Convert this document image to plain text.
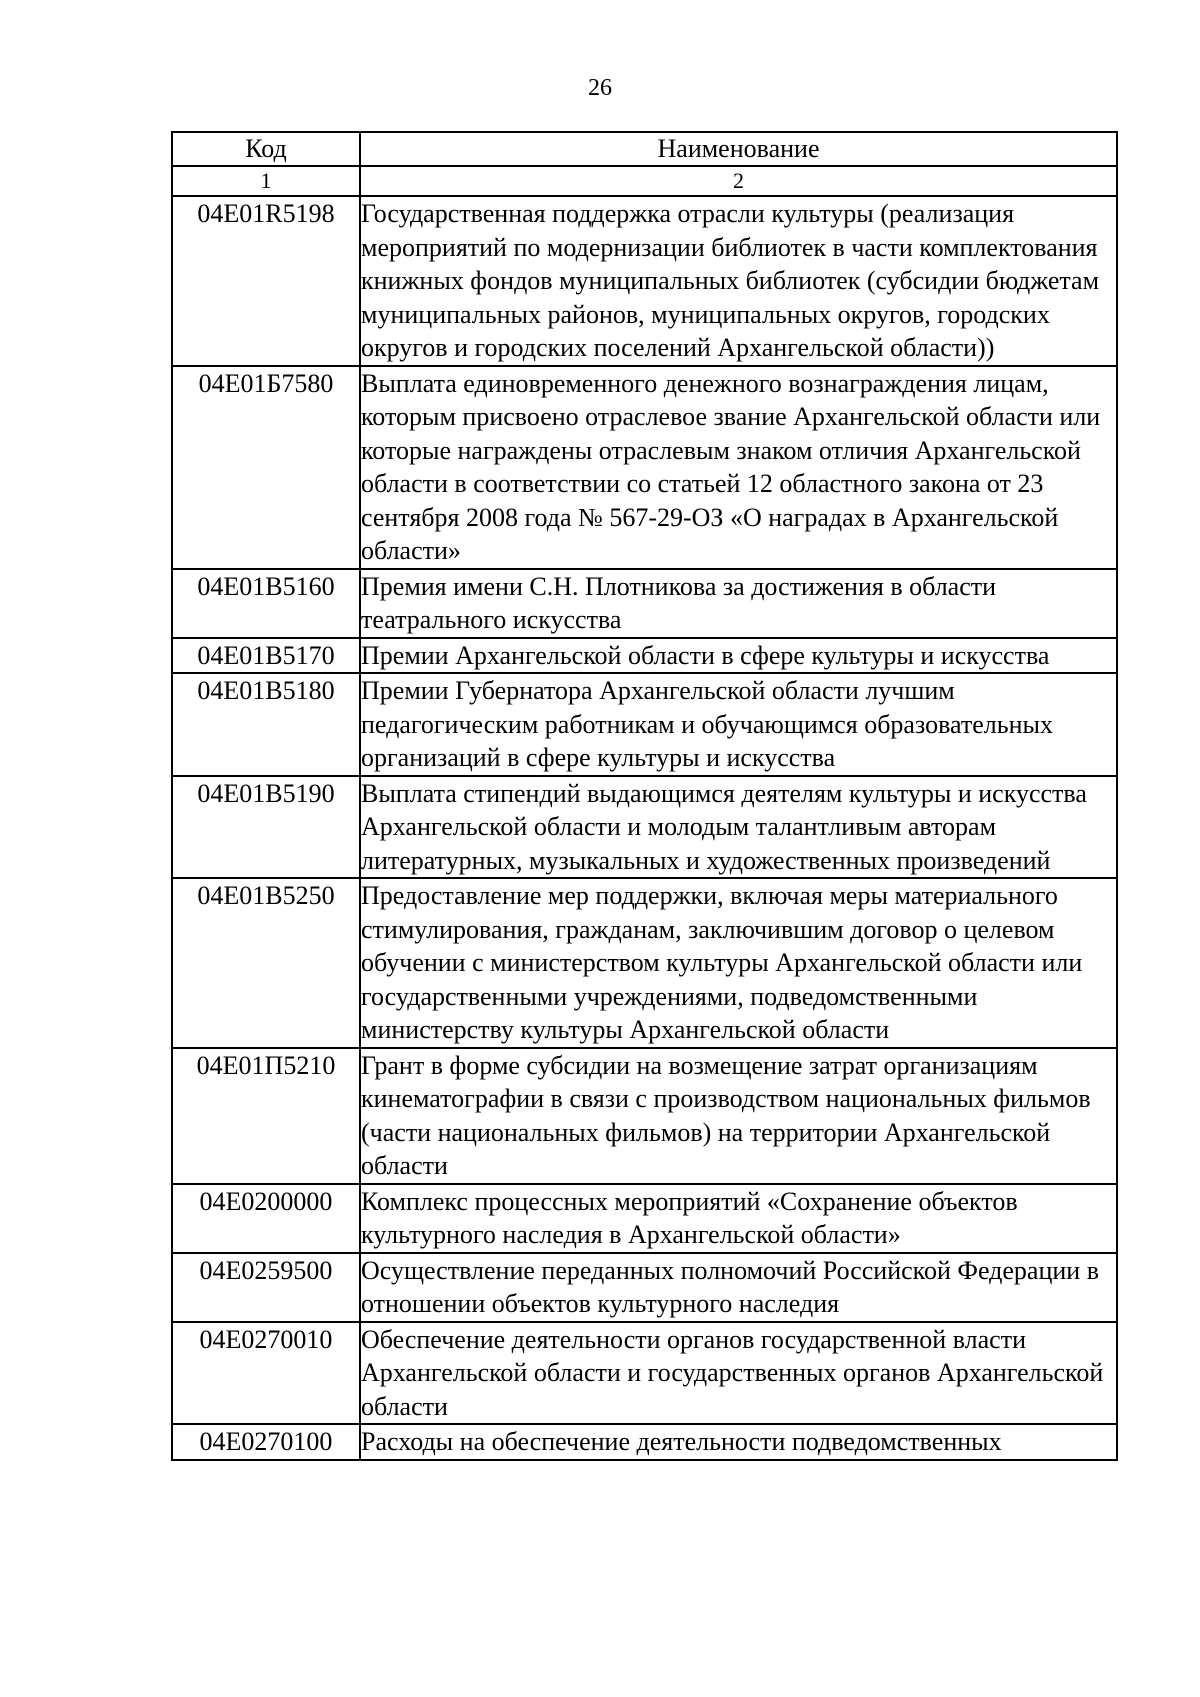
26
Код	Наименование
1	2
04Е01R5198	Государственная поддержка отрасли культуры (реализация мероприятий по модернизации библиотек в части комплектования книжных фондов муниципальных библиотек (субсидии бюджетам муниципальных районов, муниципальных округов, городских округов и городских поселений Архангельской области))
04Е01Б7580	Выплата единовременного денежного вознаграждения лицам, которым присвоено отраслевое звание Архангельской области или которые награждены отраслевым знаком отличия Архангельской области в соответствии со статьей 12 областного закона от 23 сентября 2008 года № 567-29-ОЗ «О наградах в Архангельской области»
04Е01В5160	Премия имени С.Н. Плотникова за достижения в области театрального искусства
04Е01В5170	Премии Архангельской области в сфере культуры и искусства
04Е01В5180	Премии Губернатора Архангельской области лучшим педагогическим работникам и обучающимся образовательных организаций в сфере культуры и искусства
04Е01В5190	Выплата стипендий выдающимся деятелям культуры и искусства Архангельской области и молодым талантливым авторам литературных, музыкальных и художественных произведений
04Е01В5250	Предоставление мер поддержки, включая меры материального стимулирования, гражданам, заключившим договор о целевом обучении с министерством культуры Архангельской области или государственными учреждениями, подведомственными министерству культуры Архангельской области
04Е01П5210	Грант в форме субсидии на возмещение затрат организациям кинематографии в связи с производством национальных фильмов (части национальных фильмов) на территории Архангельской области
04Е0200000	Комплекс процессных мероприятий «Сохранение объектов культурного наследия в Архангельской области»
04Е0259500	Осуществление переданных полномочий Российской Федерации в отношении объектов культурного наследия
04Е0270010	Обеспечение деятельности органов государственной власти Архангельской области и государственных органов Архангельской области
04Е0270100	Расходы на обеспечение деятельности подведомственных
